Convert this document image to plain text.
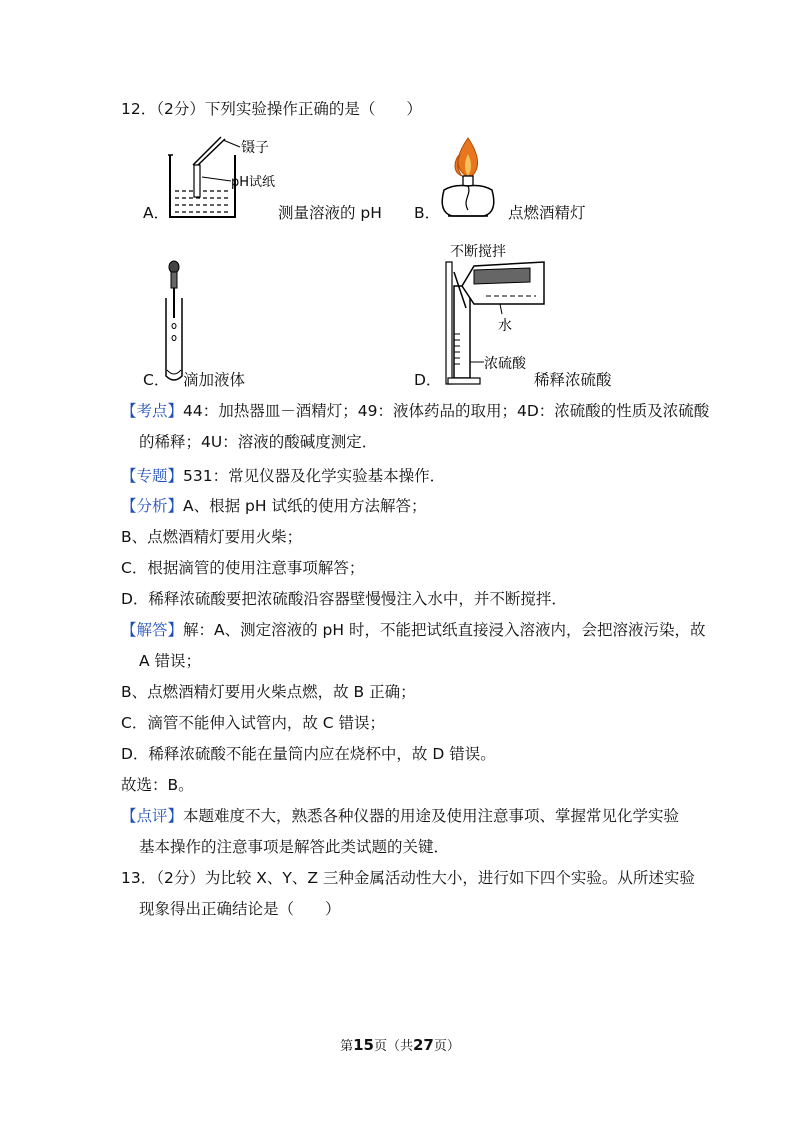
12．（2分）下列实验操作正确的是（　　）
镊子
pH试纸
A．	测量溶液的 pH B．	点燃酒精灯
C． 滴加液体
不断搅拌
水
浓硫酸
D．	稀释浓硫酸
【考点】44：加热器皿－酒精灯；49：液体药品的取用；4D：浓硫酸的性质及浓硫酸
的稀释；4U：溶液的酸碱度测定．
【专题】531：常见仪器及化学实验基本操作．
【分析】A、根据 pH 试纸的使用方法解答；
B、点燃酒精灯要用火柴；
C．根据滴管的使用注意事项解答；
D．稀释浓硫酸要把浓硫酸沿容器壁慢慢注入水中，并不断搅拌．
【解答】解：A、测定溶液的 pH 时，不能把试纸直接浸入溶液内，会把溶液污染，故
A 错误；
B、点燃酒精灯要用火柴点燃，故 B 正确；
C．滴管不能伸入试管内，故 C 错误；
D．稀释浓硫酸不能在量筒内应在烧杯中，故 D 错误。
故选：B。
【点评】本题难度不大，熟悉各种仪器的用途及使用注意事项、掌握常见化学实验
基本操作的注意事项是解答此类试题的关键．
13．（2分）为比较 X、Y、Z 三种金属活动性大小，进行如下四个实验。从所述实验
现象得出正确结论是（　　）
第15页（共27页）
